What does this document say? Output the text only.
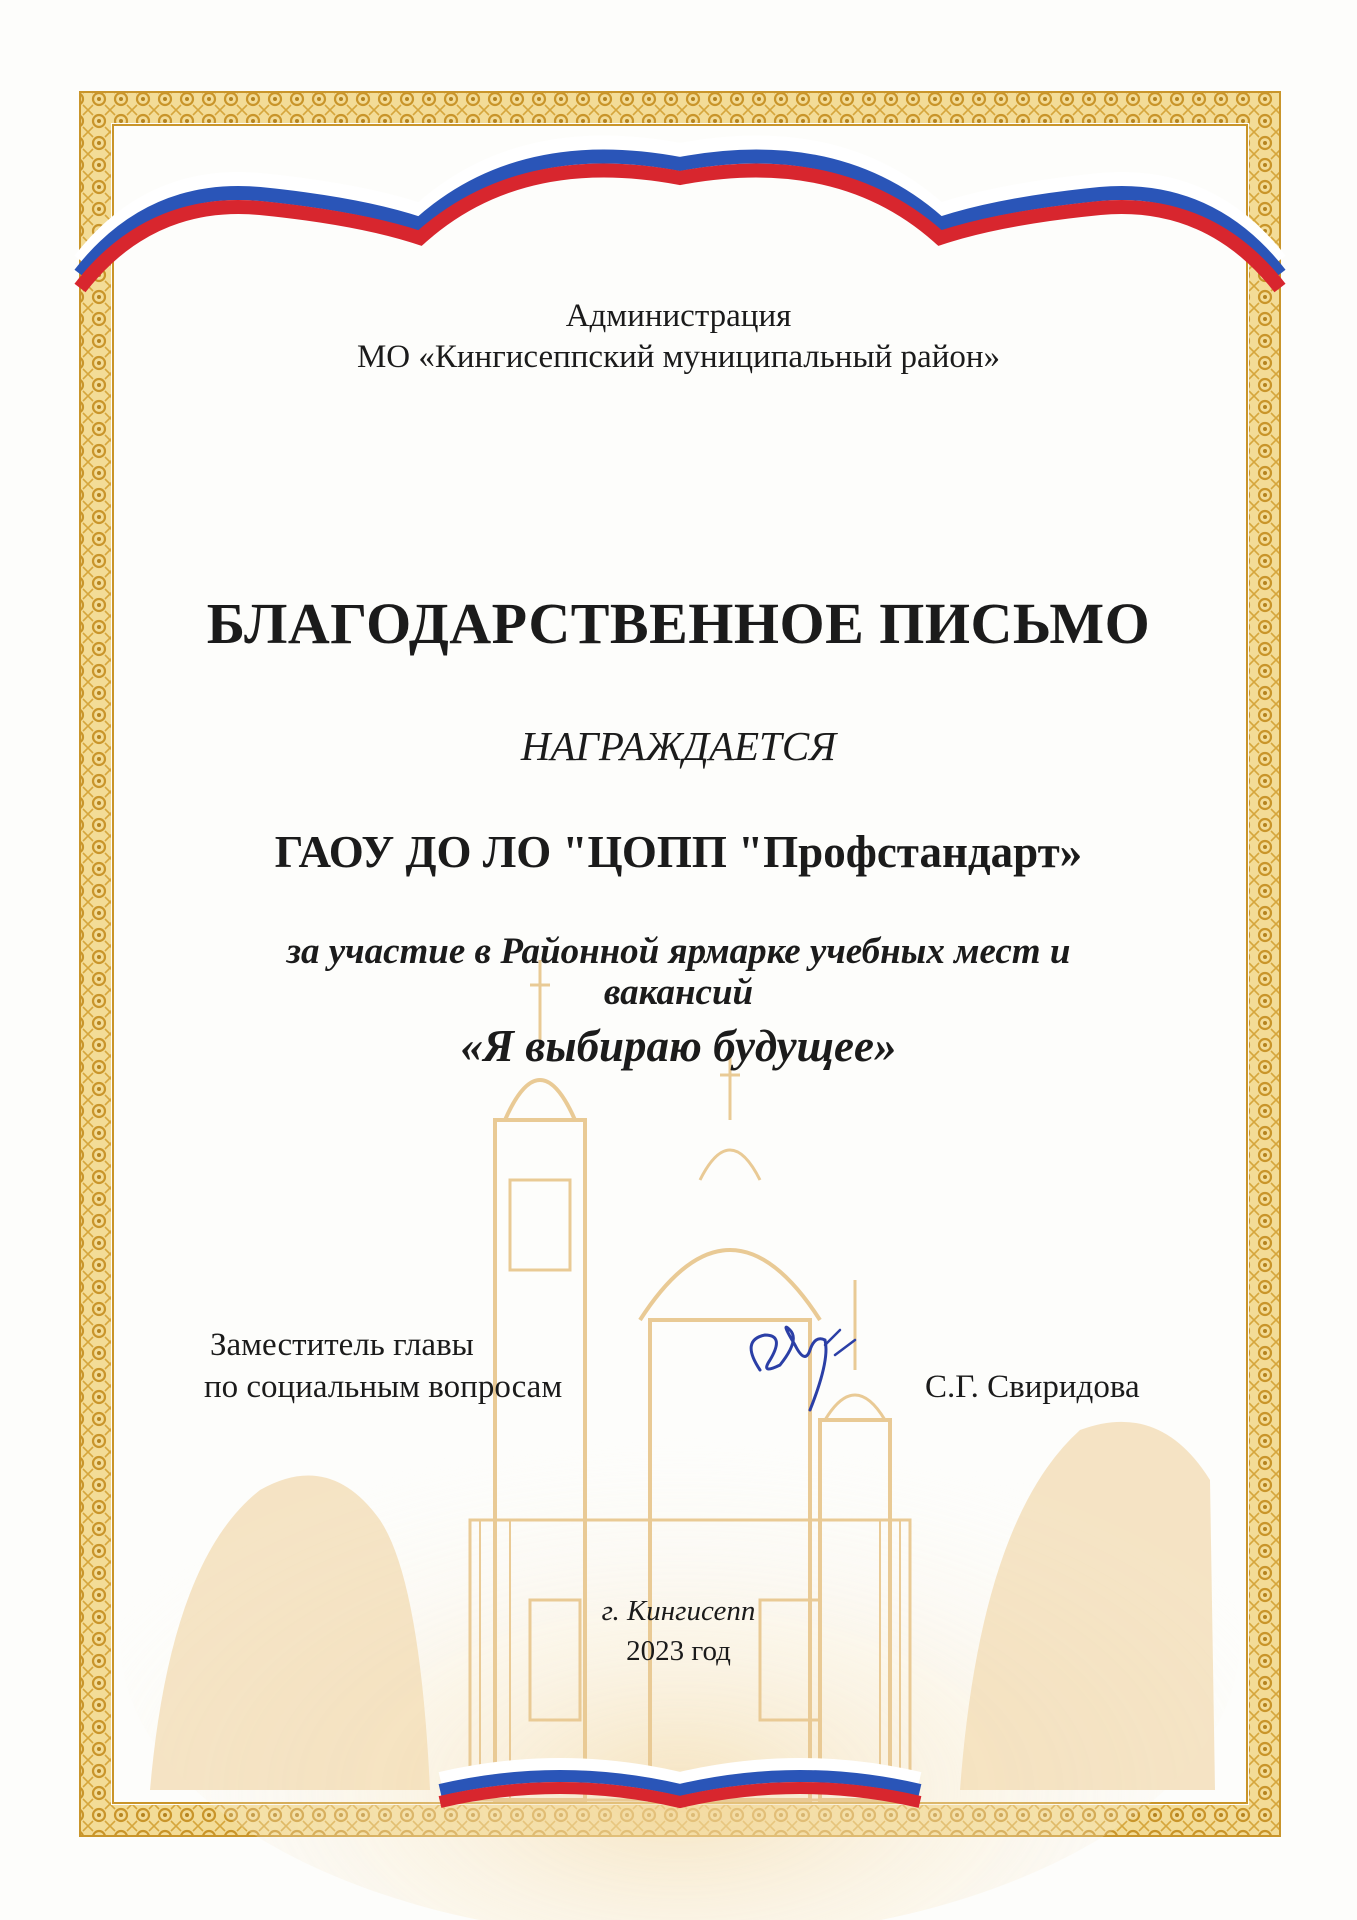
Администрация

МО «Кингисеппский муниципальный район»

БЛАГОДАРСТВЕННОЕ ПИСЬМО

НАГРАЖДАЕТСЯ

ГАОУ ДО ЛО "ЦОПП "Профстандарт»

за участие в Районной ярмарке учебных мест и

вакансий

«Я выбираю будущее»

Заместитель главы

по социальным вопросам	С.Г. Свиридова

г. Кингисепп

2023 год
